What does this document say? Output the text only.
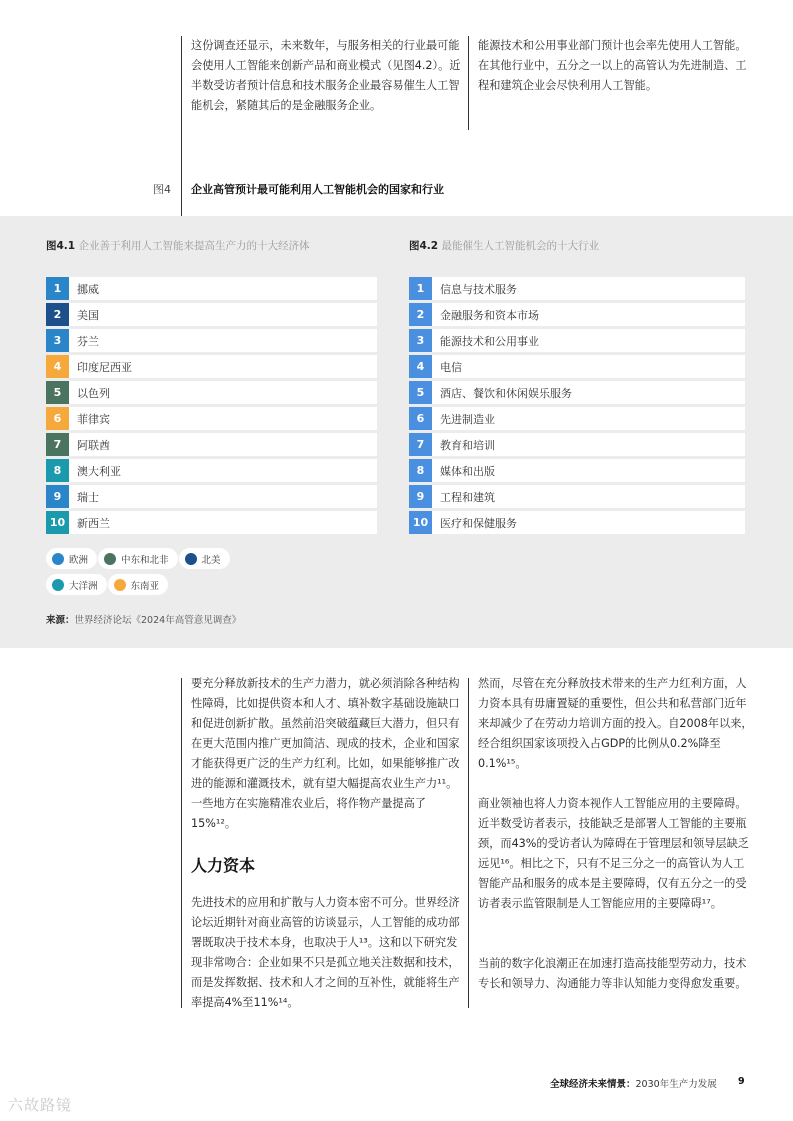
这份调查还显示，未来数年，与服务相关的行业最可能会使用人工智能来创新产品和商业模式（见图4.2）。近半数受访者预计信息和技术服务企业最容易催生人工智能机会，紧随其后的是金融服务企业。
能源技术和公用事业部门预计也会率先使用人工智能。在其他行业中，五分之一以上的高管认为先进制造、工程和建筑企业会尽快利用人工智能。
图4 企业高管预计最可能利用人工智能机会的国家和行业
图4.1 企业善于利用人工智能来提高生产力的十大经济体	图4.2 最能催生人工智能机会的十大行业
1	挪威
2	美国
3	芬兰
4	印度尼西亚
5	以色列
6	菲律宾
7	阿联酋
8	澳大利亚
9	瑞士
10	新西兰
1	信息与技术服务
2	金融服务和资本市场
3	能源技术和公用事业
4	电信
5	酒店、餐饮和休闲娱乐服务
6	先进制造业
7	教育和培训
8	媒体和出版
9	工程和建筑
10	医疗和保健服务
欧洲	中东和北非	北美

大洋洲	东南亚
来源：世界经济论坛《2024年高管意见调查》
要充分释放新技术的生产力潜力，就必须消除各种结构性障碍，比如提供资本和人才、填补数字基础设施缺口和促进创新扩散。虽然前沿突破蕴藏巨大潜力，但只有在更大范围内推广更加简洁、现成的技术，企业和国家才能获得更广泛的生产力红利。比如，如果能够推广改进的能源和灌溉技术，就有望大幅提高农业生产力¹¹。一些地方在实施精准农业后，将作物产量提高了15%¹²。
人力资本
先进技术的应用和扩散与人力资本密不可分。世界经济论坛近期针对商业高管的访谈显示，人工智能的成功部署既取决于技术本身，也取决于人¹³。这和以下研究发现非常吻合：企业如果不只是孤立地关注数据和技术，而是发挥数据、技术和人才之间的互补性，就能将生产率提高4%至11%¹⁴。
然而，尽管在充分释放技术带来的生产力红利方面，人力资本具有毋庸置疑的重要性，但公共和私营部门近年来却减少了在劳动力培训方面的投入。自2008年以来，经合组织国家该项投入占GDP的比例从0.2%降至0.1%¹⁵。
商业领袖也将人力资本视作人工智能应用的主要障碍。近半数受访者表示，技能缺乏是部署人工智能的主要瓶颈，而43%的受访者认为障碍在于管理层和领导层缺乏远见¹⁶。相比之下，只有不足三分之一的高管认为人工智能产品和服务的成本是主要障碍，仅有五分之一的受访者表示监管限制是人工智能应用的主要障碍¹⁷。
当前的数字化浪潮正在加速打造高技能型劳动力，技术专长和领导力、沟通能力等非认知能力变得愈发重要。
全球经济未来情景：2030年生产力发展 9
六故路镜
